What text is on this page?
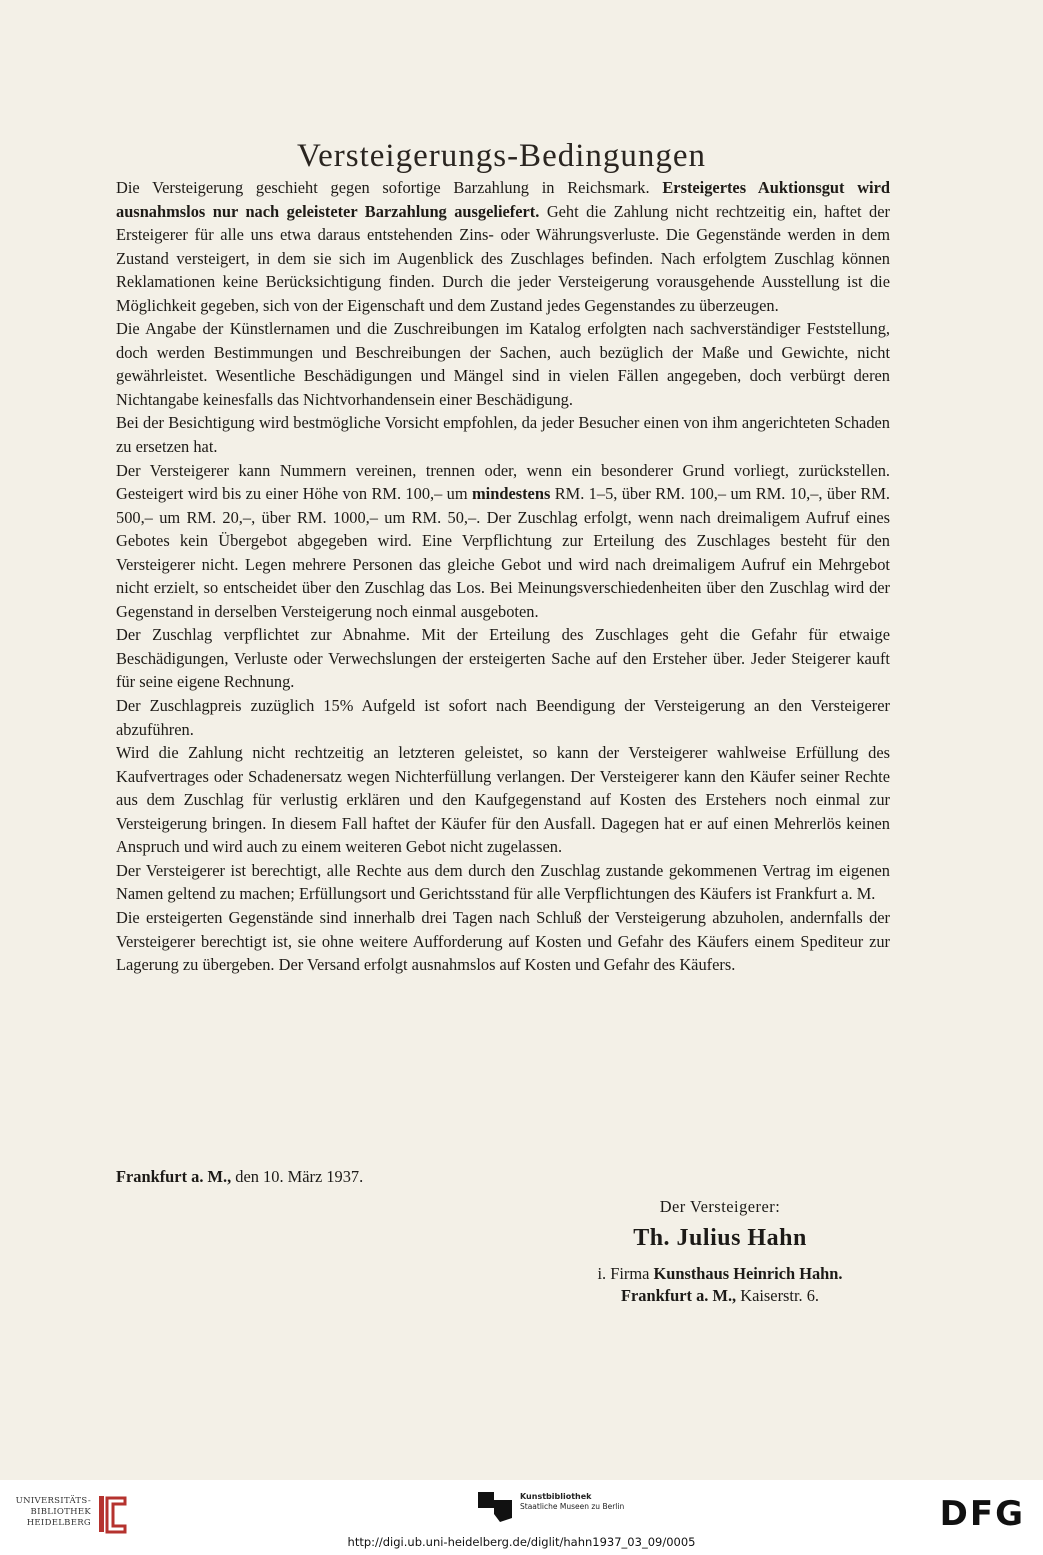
Versteigerungs-Bedingungen

Die Versteigerung geschieht gegen sofortige Barzahlung in Reichsmark. Ersteigertes Auktionsgut wird ausnahmslos nur nach geleisteter Barzahlung ausgeliefert. Geht die Zahlung nicht rechtzeitig ein, haftet der Ersteigerer für alle uns etwa daraus entstehenden Zins- oder Währungsverluste. Die Gegenstände werden in dem Zustand versteigert, in dem sie sich im Augenblick des Zuschlages befinden. Nach erfolgtem Zuschlag können Reklamationen keine Berücksichtigung finden. Durch die jeder Versteigerung vorausgehende Ausstellung ist die Möglichkeit gegeben, sich von der Eigenschaft und dem Zustand jedes Gegenstandes zu überzeugen.

Die Angabe der Künstlernamen und die Zuschreibungen im Katalog erfolgten nach sachverständiger Feststellung, doch werden Bestimmungen und Beschreibungen der Sachen, auch bezüglich der Maße und Gewichte, nicht gewährleistet. Wesentliche Beschädigungen und Mängel sind in vielen Fällen angegeben, doch verbürgt deren Nichtangabe keinesfalls das Nichtvorhandensein einer Beschädigung.

Bei der Besichtigung wird bestmögliche Vorsicht empfohlen, da jeder Besucher einen von ihm angerichteten Schaden zu ersetzen hat.

Der Versteigerer kann Nummern vereinen, trennen oder, wenn ein besonderer Grund vorliegt, zurückstellen. Gesteigert wird bis zu einer Höhe von RM. 100,– um mindestens RM. 1–5, über RM. 100,– um RM. 10,–, über RM. 500,– um RM. 20,–, über RM. 1000,– um RM. 50,–. Der Zuschlag erfolgt, wenn nach dreimaligem Aufruf eines Gebotes kein Übergebot abgegeben wird. Eine Verpflichtung zur Erteilung des Zuschlages besteht für den Versteigerer nicht. Legen mehrere Personen das gleiche Gebot und wird nach dreimaligem Aufruf ein Mehrgebot nicht erzielt, so entscheidet über den Zuschlag das Los. Bei Meinungsverschiedenheiten über den Zuschlag wird der Gegenstand in derselben Versteigerung noch einmal ausgeboten.

Der Zuschlag verpflichtet zur Abnahme. Mit der Erteilung des Zuschlages geht die Gefahr für etwaige Beschädigungen, Verluste oder Verwechslungen der ersteigerten Sache auf den Ersteher über. Jeder Steigerer kauft für seine eigene Rechnung.

Der Zuschlagpreis zuzüglich 15% Aufgeld ist sofort nach Beendigung der Versteigerung an den Versteigerer abzuführen.

Wird die Zahlung nicht rechtzeitig an letzteren geleistet, so kann der Versteigerer wahlweise Erfüllung des Kaufvertrages oder Schadenersatz wegen Nichterfüllung verlangen. Der Versteigerer kann den Käufer seiner Rechte aus dem Zuschlag für verlustig erklären und den Kaufgegenstand auf Kosten des Erstehers noch einmal zur Versteigerung bringen. In diesem Fall haftet der Käufer für den Ausfall. Dagegen hat er auf einen Mehrerlös keinen Anspruch und wird auch zu einem weiteren Gebot nicht zugelassen.

Der Versteigerer ist berechtigt, alle Rechte aus dem durch den Zuschlag zustande gekommenen Vertrag im eigenen Namen geltend zu machen; Erfüllungsort und Gerichtsstand für alle Verpflichtungen des Käufers ist Frankfurt a. M.

Die ersteigerten Gegenstände sind innerhalb drei Tagen nach Schluß der Versteigerung abzuholen, andernfalls der Versteigerer berechtigt ist, sie ohne weitere Aufforderung auf Kosten und Gefahr des Käufers einem Spediteur zur Lagerung zu übergeben. Der Versand erfolgt ausnahmslos auf Kosten und Gefahr des Käufers.

Frankfurt a. M., den 10. März 1937.
Der Versteigerer:
Th. Julius Hahn
i. Firma Kunsthaus Heinrich Hahn.
Frankfurt a. M., Kaiserstr. 6.
UNIVERSITÄTS-
BIBLIOTHEK
HEIDELBERG
Kunstbibliothek
Staatliche Museen zu Berlin	DFG
http://digi.ub.uni-heidelberg.de/diglit/hahn1937_03_09/0005
